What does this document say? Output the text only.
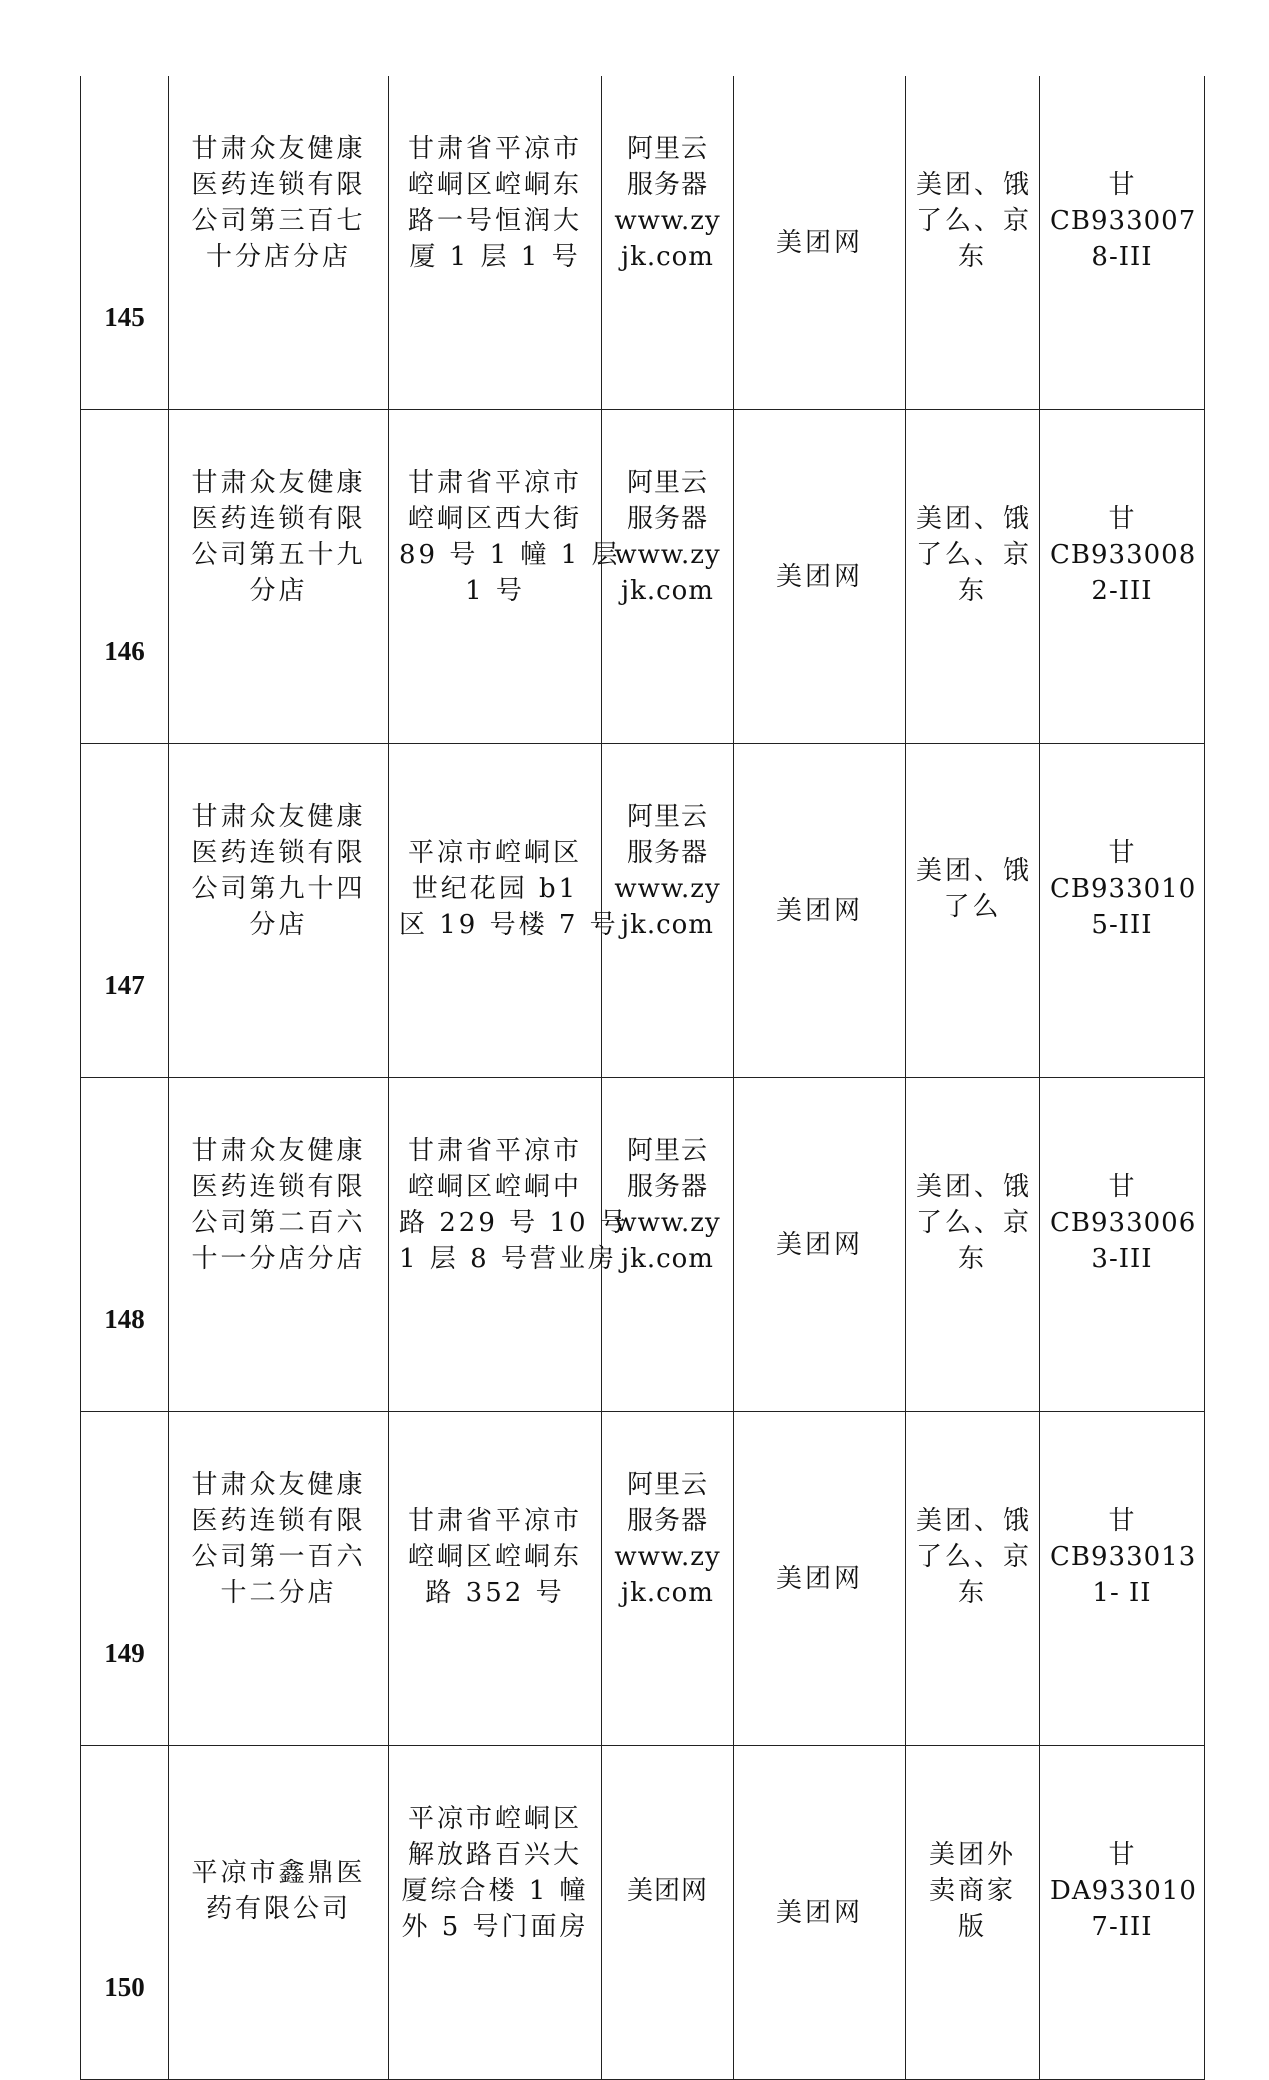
145	甘肃众友健康
医药连锁有限
公司第三百七
十分店分店	甘肃省平凉市
崆峒区崆峒东
路一号恒润大
厦 1 层 1 号	阿里云
服务器
www.zy
jk.com	美团网	美团、饿
了么、京
东	甘
CB933007
8-III

146	甘肃众友健康
医药连锁有限
公司第五十九
分店	甘肃省平凉市
崆峒区西大街
89 号 1 幢 1 层
1 号	阿里云
服务器
www.zy
jk.com	美团网	美团、饿
了么、京
东	甘
CB933008
2-III

147	甘肃众友健康
医药连锁有限
公司第九十四
分店	平凉市崆峒区
世纪花园 b1
区 19 号楼 7 号	阿里云
服务器
www.zy
jk.com	美团网	美团、饿
了么	甘
CB933010
5-III

148	甘肃众友健康
医药连锁有限
公司第二百六
十一分店分店	甘肃省平凉市
崆峒区崆峒中
路 229 号 10 号
1 层 8 号营业房	阿里云
服务器
www.zy
jk.com	美团网	美团、饿
了么、京
东	甘
CB933006
3-III

149	甘肃众友健康
医药连锁有限
公司第一百六
十二分店	甘肃省平凉市
崆峒区崆峒东
路 352 号	阿里云
服务器
www.zy
jk.com	美团网	美团、饿
了么、京
东	甘
CB933013
1- II

150	平凉市鑫鼎医
药有限公司	平凉市崆峒区
解放路百兴大
厦综合楼 1 幢
外 5 号门面房	美团网	美团网	美团外
卖商家
版	甘
DA933010
7-III
